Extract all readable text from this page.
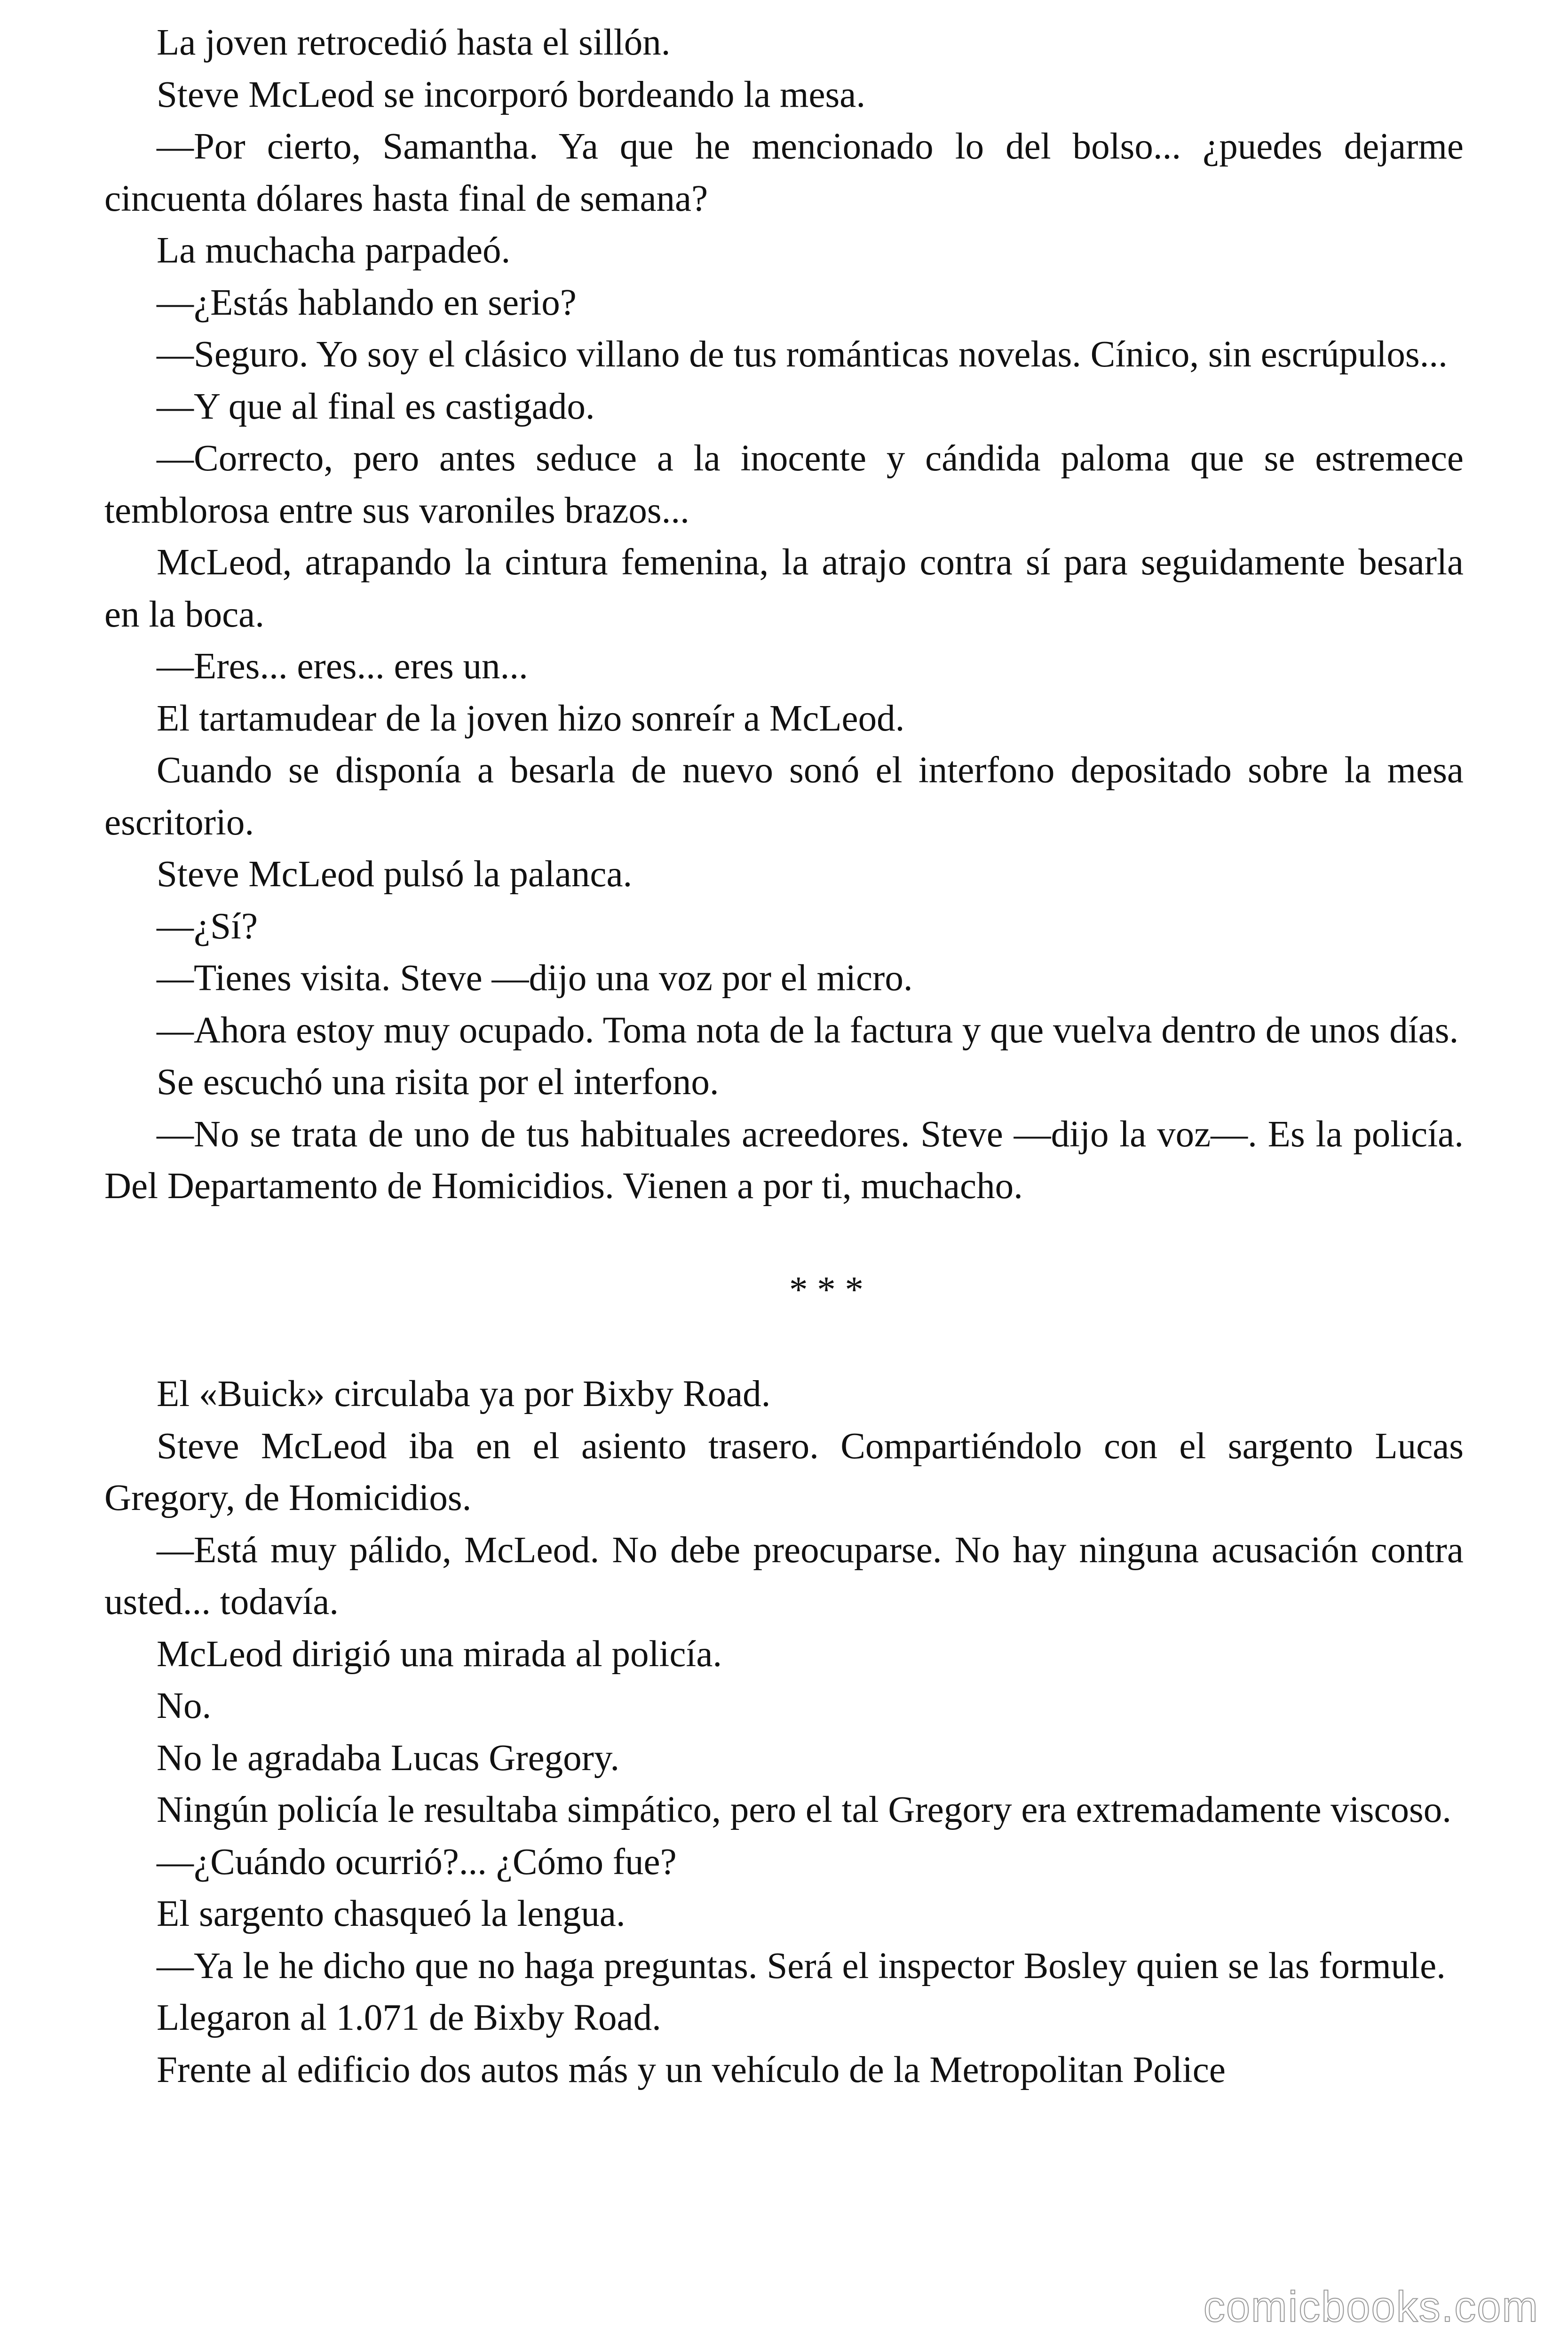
La joven retrocedió hasta el sillón.

Steve McLeod se incorporó bordeando la mesa.

—Por cierto, Samantha. Ya que he mencionado lo del bolso... ¿puedes dejarme cincuenta dólares hasta final de semana?

La muchacha parpadeó.

—¿Estás hablando en serio?

—Seguro. Yo soy el clásico villano de tus románticas novelas. Cínico, sin escrúpulos...

—Y que al final es castigado.

—Correcto, pero antes seduce a la inocente y cándida paloma que se estremece temblorosa entre sus varoniles brazos...

McLeod, atrapando la cintura femenina, la atrajo contra sí para seguidamente besarla en la boca.

—Eres... eres... eres un...

El tartamudear de la joven hizo sonreír a McLeod.

Cuando se disponía a besarla de nuevo sonó el interfono depositado sobre la mesa escritorio.

Steve McLeod pulsó la palanca.

—¿Sí?

—Tienes visita. Steve —dijo una voz por el micro.

—Ahora estoy muy ocupado. Toma nota de la factura y que vuelva dentro de unos días.

Se escuchó una risita por el interfono.

—No se trata de uno de tus habituales acreedores. Steve —dijo la voz—. Es la policía. Del Departamento de Homicidios. Vienen a por ti, muchacho.

* * *

El «Buick» circulaba ya por Bixby Road.

Steve McLeod iba en el asiento trasero. Compartiéndolo con el sargento Lucas Gregory, de Homicidios.

—Está muy pálido, McLeod. No debe preocuparse. No hay ninguna acusación contra usted... todavía.

McLeod dirigió una mirada al policía.

No.

No le agradaba Lucas Gregory.

Ningún policía le resultaba simpático, pero el tal Gregory era extremadamente viscoso.

—¿Cuándo ocurrió?... ¿Cómo fue?

El sargento chasqueó la lengua.

—Ya le he dicho que no haga preguntas. Será el inspector Bosley quien se las formule.

Llegaron al 1.071 de Bixby Road.

Frente al edificio dos autos más y un vehículo de la Metropolitan Police

comicbooks.com
